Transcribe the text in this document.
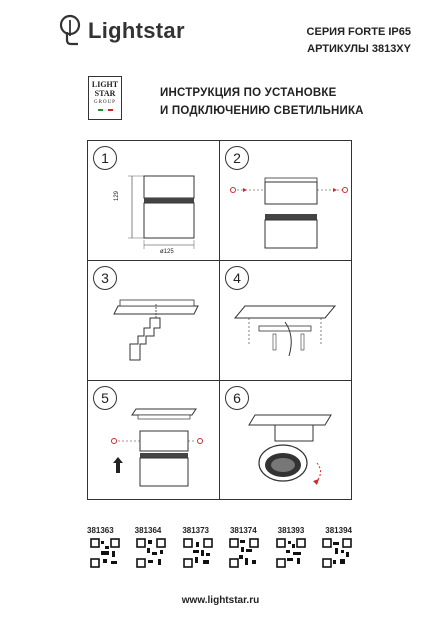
Lightstar	СЕРИЯ FORTE IP65
АРТИКУЛЫ 3813XY
LIGHT
STAR
GROUP
ИНСТРУКЦИЯ ПО УСТАНОВКЕ
И ПОДКЛЮЧЕНИЮ СВЕТИЛЬНИКА
1
129
ø125
2
3	4
5	6
381363	381364	381373	381374	381393	381394
www.lightstar.ru
